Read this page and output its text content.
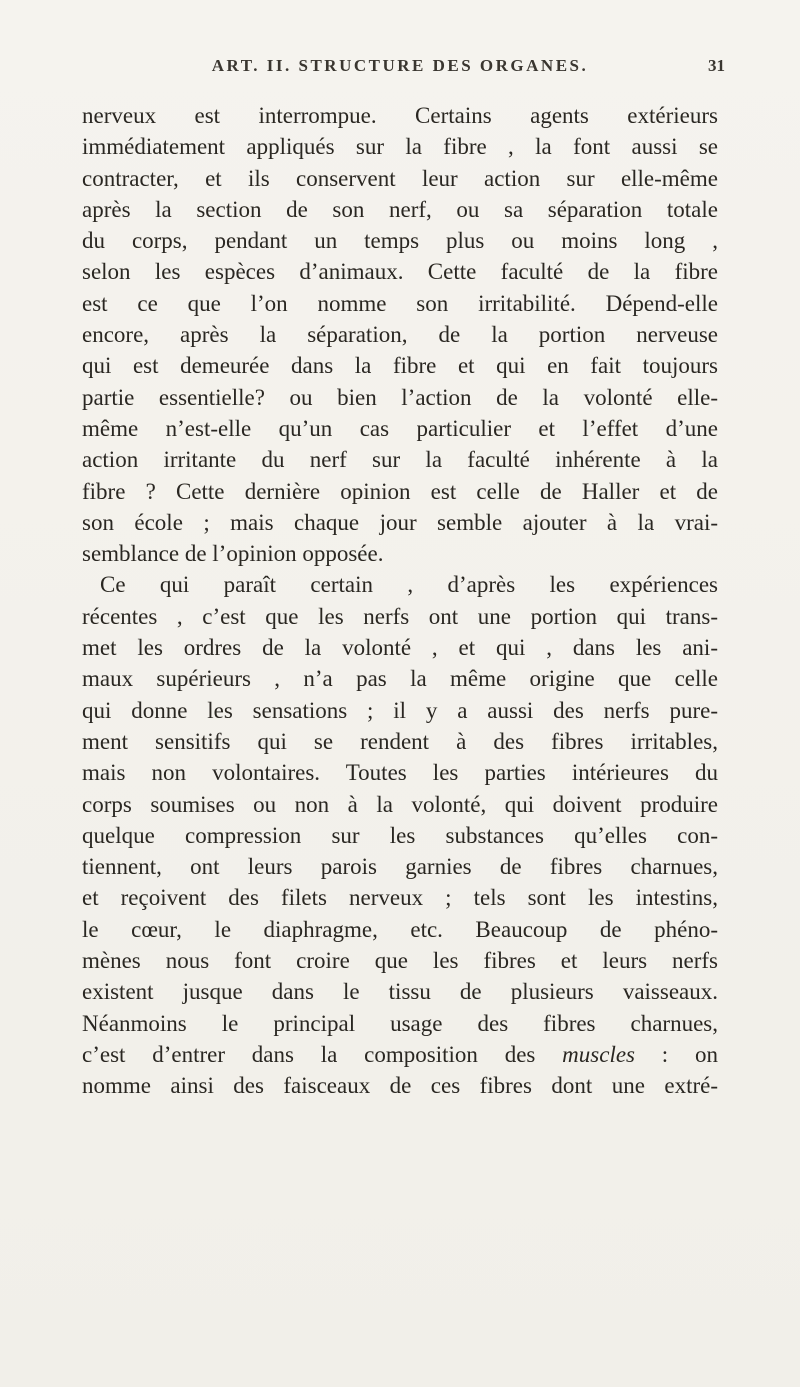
ART. II. STRUCTURE DES ORGANES.	31
nerveux est interrompue. Certains agents extérieurs
immédiatement appliqués sur la fibre , la font aussi se
contracter, et ils conservent leur action sur elle-même
après la section de son nerf, ou sa séparation totale
du corps, pendant un temps plus ou moins long ,
selon les espèces d’animaux. Cette faculté de la fibre
est ce que l’on nomme son irritabilité. Dépend-elle
encore, après la séparation, de la portion nerveuse
qui est demeurée dans la fibre et qui en fait toujours
partie essentielle? ou bien l’action de la volonté elle-
même n’est-elle qu’un cas particulier et l’effet d’une
action irritante du nerf sur la faculté inhérente à la
fibre ? Cette dernière opinion est celle de Haller et de
son école ; mais chaque jour semble ajouter à la vrai-
semblance de l’opinion opposée.
Ce qui paraît certain , d’après les expériences
récentes , c’est que les nerfs ont une portion qui trans-
met les ordres de la volonté , et qui , dans les ani-
maux supérieurs , n’a pas la même origine que celle
qui donne les sensations ; il y a aussi des nerfs pure-
ment sensitifs qui se rendent à des fibres irritables,
mais non volontaires. Toutes les parties intérieures du
corps soumises ou non à la volonté, qui doivent produire
quelque compression sur les substances qu’elles con-
tiennent, ont leurs parois garnies de fibres charnues,
et reçoivent des filets nerveux ; tels sont les intestins,
le cœur, le diaphragme, etc. Beaucoup de phéno-
mènes nous font croire que les fibres et leurs nerfs
existent jusque dans le tissu de plusieurs vaisseaux.
Néanmoins le principal usage des fibres charnues,
c’est d’entrer dans la composition des muscles : on
nomme ainsi des faisceaux de ces fibres dont une extré-
